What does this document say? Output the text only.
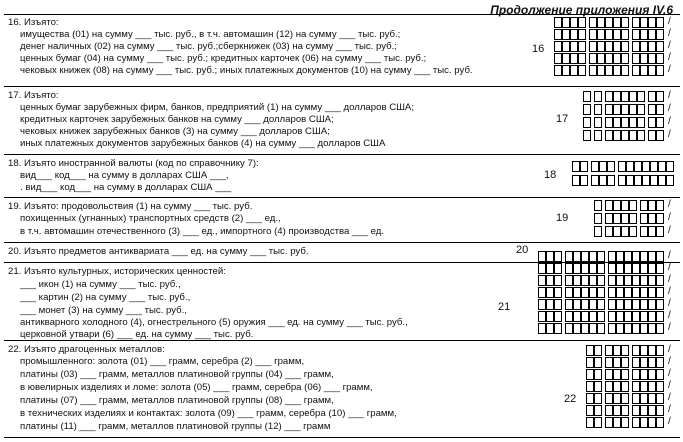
Продолжение приложения IV.6
16. Изъято:
имущества (01) на сумму ___ тыс. руб., в т.ч. автомашин (12) на сумму ___ тыс. руб.;
денег наличных (02) на сумму ___ тыс. руб.;сберкнижек (03) на сумму ___ тыс. руб.;
ценных бумаг (04) на сумму ___ тыс. руб.; кредитных карточек (06) на сумму ___ тыс. руб.;
чековых книжек (08) на сумму ___ тыс. руб.; иных платежных документов (10) на сумму ___ тыс. руб.
16
/
/
/
/
/
17. Изъято:
ценных бумаг зарубежных фирм, банков, предприятий (1) на сумму ___ долларов США;
кредитных карточек зарубежных банков на сумму ___ долларов США;
чековых книжек зарубежных банков (3) на сумму ___ долларов США;
иных платежных документов зарубежных банков (4) на сумму ___ долларов США
17
/
/
/
/
18. Изъято иностранной валюты (код по справочнику 7):
вид___ код___ на сумму в долларах США ___,
. вид___ код___ на сумму в долларах США ___
18
19. Изъято: продовольствия (1) на сумму ___ тыс. руб.
похищенных (угнанных) транспортных средств (2) ___ ед.,
в т.ч. автомашин отечественного (3) ___ ед., импортного (4) производства ___ ед.
19
/
/
/
20. Изъято предметов антиквариата ___ ед. на сумму ___ тыс. руб.	20
21. Изъято культурных, исторических ценностей:
___ икон (1) на сумму ___ тыс. руб.,
___ картин (2) на сумму ___ тыс. руб.,
___ монет (3) на сумму ___ тыс. руб.,
антикварного холодного (4), огнестрельного (5) оружия ___ ед. на сумму ___ тыс. руб.,
церковной утвари (6) ___ ед. на сумму ___ тыс. руб.
21
/
/
/
/
/
/
/
22. Изъято драгоценных металлов:
промышленного: золота (01) ___ грамм, серебра (2) ___ грамм,
платины (03) ___ грамм, металлов платиновой группы (04) ___ грамм,
в ювелирных изделиях и ломе: золота (05) ___ грамм, серебра (06) ___ грамм,
платины (07) ___ грамм, металлов платиновой группы (08) ___ грамм,
в технических изделиях и контактах: золота (09) ___ грамм, серебра (10) ___ грамм,
платины (11) ___ грамм, металлов платиновой группы (12) ___ грамм
22
/
/
/
/
/
/
/
